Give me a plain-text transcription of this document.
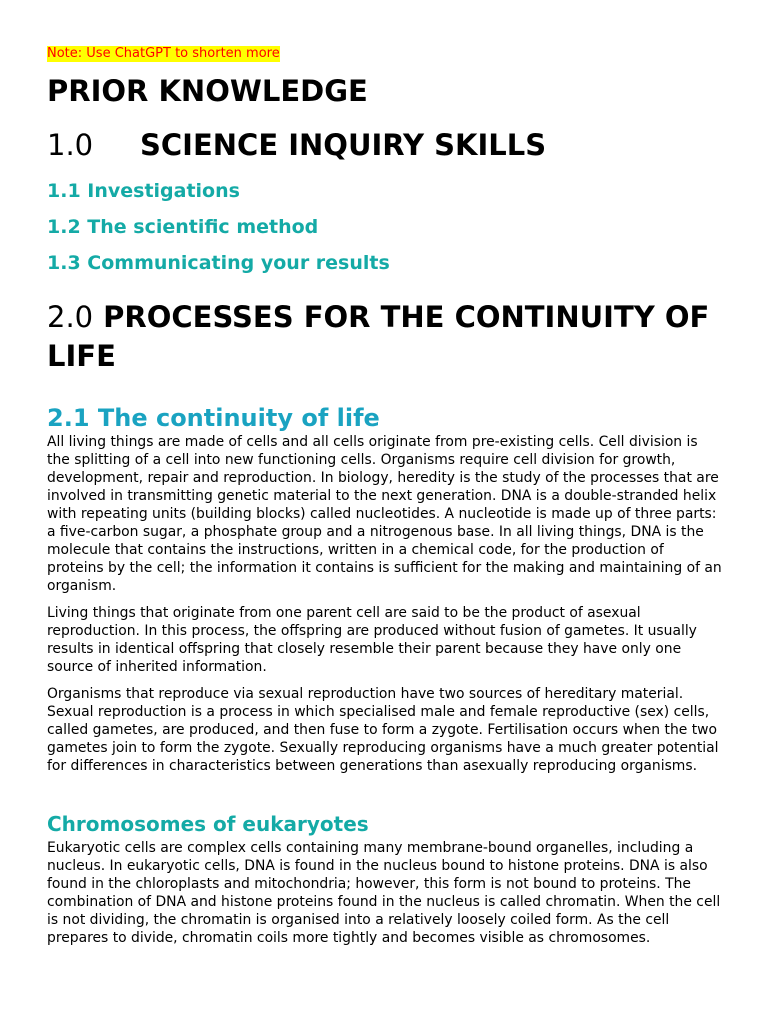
Note: Use ChatGPT to shorten more

PRIOR KNOWLEDGE
1.0 SCIENCE INQUIRY SKILLS
1.1 Investigations
1.2 The scientific method
1.3 Communicating your results
2.0 PROCESSES FOR THE CONTINUITY OF LIFE
2.1 The continuity of life

All living things are made of cells and all cells originate from pre-existing cells. Cell division is the splitting of a cell into new functioning cells. Organisms require cell division for growth, development, repair and reproduction. In biology, heredity is the study of the processes that are involved in transmitting genetic material to the next generation. DNA is a double-stranded helix with repeating units (building blocks) called nucleotides. A nucleotide is made up of three parts: a five-carbon sugar, a phosphate group and a nitrogenous base. In all living things, DNA is the molecule that contains the instructions, written in a chemical code, for the production of proteins by the cell; the information it contains is sufficient for the making and maintaining of an organism.

Living things that originate from one parent cell are said to be the product of asexual reproduction. In this process, the offspring are produced without fusion of gametes. It usually results in identical offspring that closely resemble their parent because they have only one source of inherited information.

Organisms that reproduce via sexual reproduction have two sources of hereditary material. Sexual reproduction is a process in which specialised male and female reproductive (sex) cells, called gametes, are produced, and then fuse to form a zygote. Fertilisation occurs when the two gametes join to form the zygote. Sexually reproducing organisms have a much greater potential for differences in characteristics between generations than asexually reproducing organisms.

Chromosomes of eukaryotes

Eukaryotic cells are complex cells containing many membrane-bound organelles, including a nucleus. In eukaryotic cells, DNA is found in the nucleus bound to histone proteins. DNA is also found in the chloroplasts and mitochondria; however, this form is not bound to proteins. The combination of DNA and histone proteins found in the nucleus is called chromatin. When the cell is not dividing, the chromatin is organised into a relatively loosely coiled form. As the cell prepares to divide, chromatin coils more tightly and becomes visible as chromosomes.
